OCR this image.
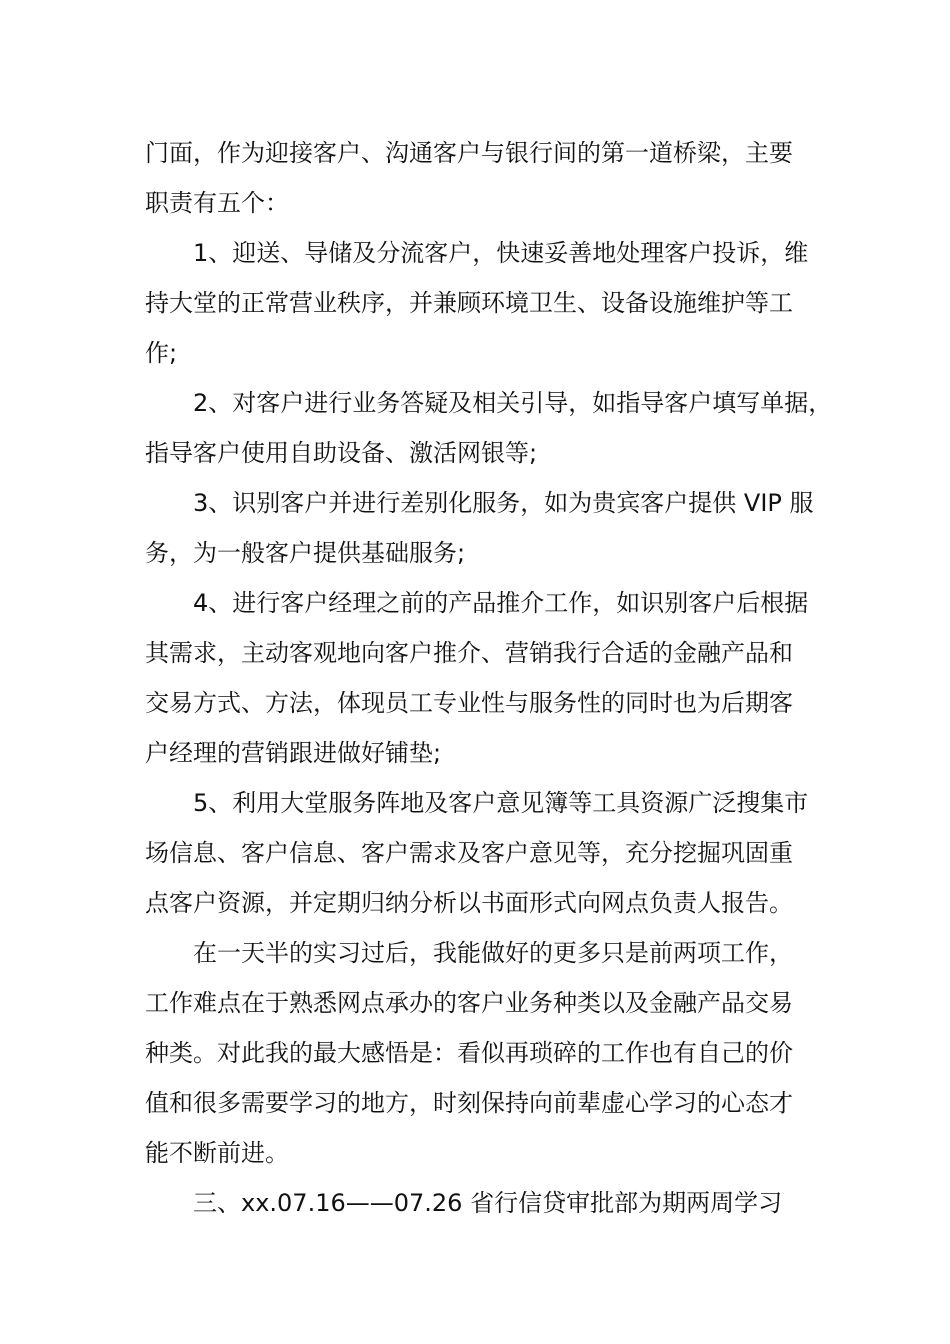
门面，作为迎接客户、沟通客户与银行间的第一道桥梁，主要
职责有五个：
1、迎送、导储及分流客户，快速妥善地处理客户投诉，维
持大堂的正常营业秩序，并兼顾环境卫生、设备设施维护等工
作;
2、对客户进行业务答疑及相关引导，如指导客户填写单据，
指导客户使用自助设备、激活网银等;
3、识别客户并进行差别化服务，如为贵宾客户提供 VIP 服
务，为一般客户提供基础服务;
4、进行客户经理之前的产品推介工作，如识别客户后根据
其需求，主动客观地向客户推介、营销我行合适的金融产品和
交易方式、方法，体现员工专业性与服务性的同时也为后期客
户经理的营销跟进做好铺垫;
5、利用大堂服务阵地及客户意见簿等工具资源广泛搜集市
场信息、客户信息、客户需求及客户意见等，充分挖掘巩固重
点客户资源，并定期归纳分析以书面形式向网点负责人报告。
在一天半的实习过后，我能做好的更多只是前两项工作，
工作难点在于熟悉网点承办的客户业务种类以及金融产品交易
种类。对此我的最大感悟是：看似再琐碎的工作也有自己的价
值和很多需要学习的地方，时刻保持向前辈虚心学习的心态才
能不断前进。
三、xx.07.16——07.26 省行信贷审批部为期两周学习
